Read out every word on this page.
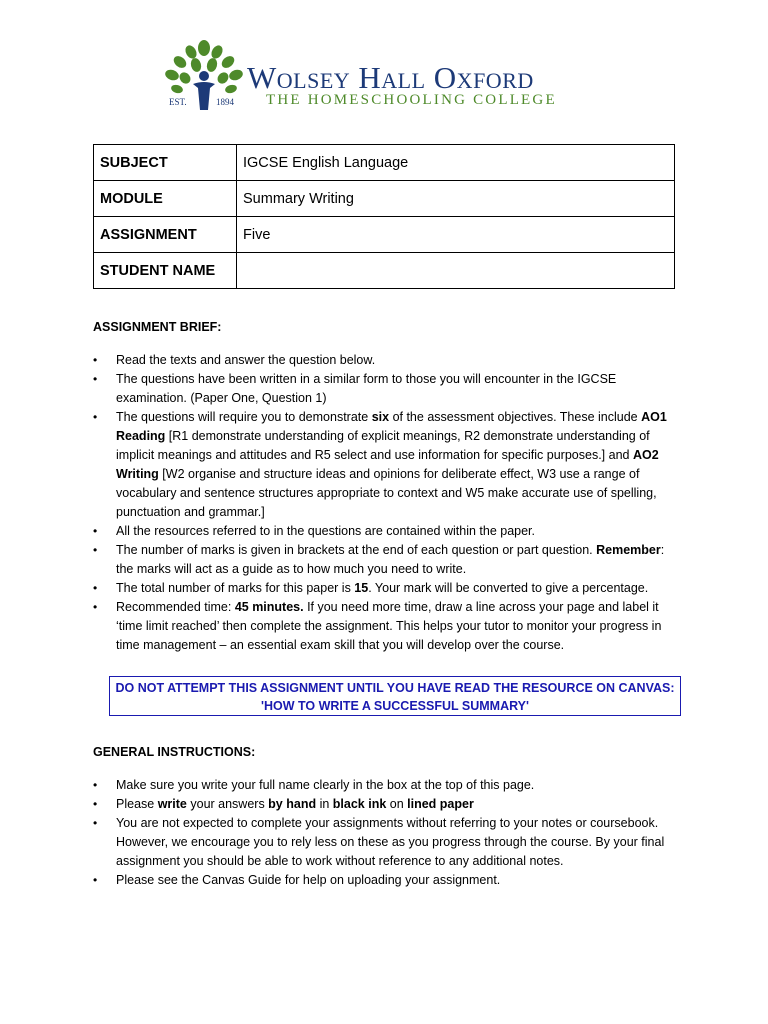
EST.	1894
Wolsey Hall Oxford
THE HOMESCHOOLING COLLEGE
SUBJECT	IGCSE English Language
MODULE	Summary Writing
ASSIGNMENT	Five
STUDENT NAME	
ASSIGNMENT BRIEF:
• Read the texts and answer the question below.
• The questions have been written in a similar form to those you will encounter in the IGCSE examination. (Paper One, Question 1)
• The questions will require you to demonstrate six of the assessment objectives. These include AO1 Reading [R1 demonstrate understanding of explicit meanings, R2 demonstrate understanding of implicit meanings and attitudes and R5 select and use information for specific purposes.] and AO2 Writing [W2 organise and structure ideas and opinions for deliberate effect, W3 use a range of vocabulary and sentence structures appropriate to context and W5 make accurate use of spelling, punctuation and grammar.]
• All the resources referred to in the questions are contained within the paper.
• The number of marks is given in brackets at the end of each question or part question. Remember: the marks will act as a guide as to how much you need to write.
• The total number of marks for this paper is 15. Your mark will be converted to give a percentage.
• Recommended time: 45 minutes. If you need more time, draw a line across your page and label it ‘time limit reached’ then complete the assignment. This helps your tutor to monitor your progress in time management – an essential exam skill that you will develop over the course.
DO NOT ATTEMPT THIS ASSIGNMENT UNTIL YOU HAVE READ THE RESOURCE ON CANVAS:
'HOW TO WRITE A SUCCESSFUL SUMMARY'
GENERAL INSTRUCTIONS:
• Make sure you write your full name clearly in the box at the top of this page.
• Please write your answers by hand in black ink on lined paper
• You are not expected to complete your assignments without referring to your notes or coursebook. However, we encourage you to rely less on these as you progress through the course. By your final assignment you should be able to work without reference to any additional notes.
• Please see the Canvas Guide for help on uploading your assignment.
